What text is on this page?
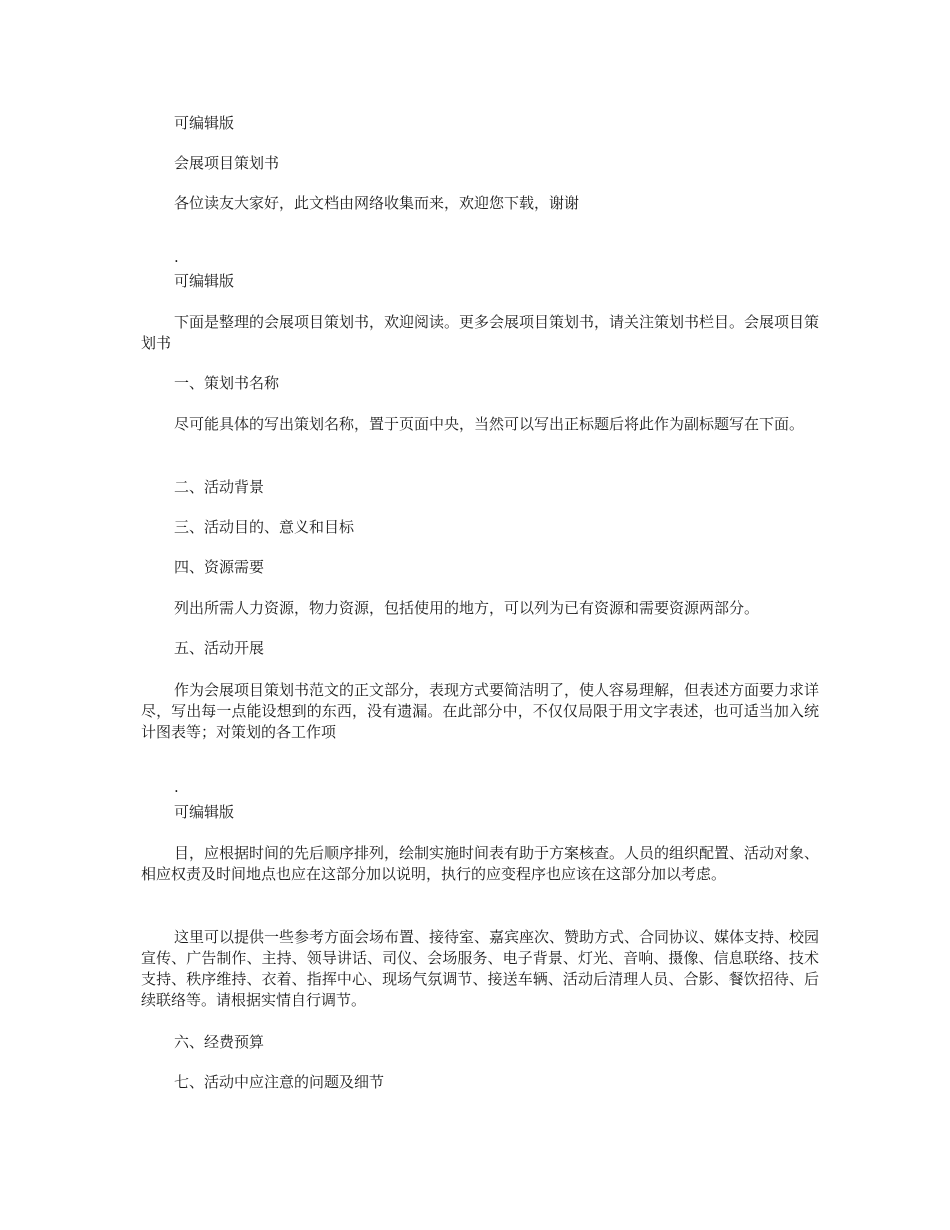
可编辑版

会展项目策划书

各位读友大家好，此文档由网络收集而来，欢迎您下载，谢谢

.

可编辑版

下面是整理的会展项目策划书，欢迎阅读。更多会展项目策划书，请关注策划书栏目。会展项目策划书

一、策划书名称

尽可能具体的写出策划名称，置于页面中央，当然可以写出正标题后将此作为副标题写在下面。

二、活动背景

三、活动目的、意义和目标

四、资源需要

列出所需人力资源，物力资源，包括使用的地方，可以列为已有资源和需要资源两部分。

五、活动开展

作为会展项目策划书范文的正文部分，表现方式要简洁明了，使人容易理解，但表述方面要力求详尽，写出每一点能设想到的东西，没有遗漏。在此部分中，不仅仅局限于用文字表述，也可适当加入统计图表等；对策划的各工作项

.

可编辑版

目，应根据时间的先后顺序排列，绘制实施时间表有助于方案核查。人员的组织配置、活动对象、相应权责及时间地点也应在这部分加以说明，执行的应变程序也应该在这部分加以考虑。

这里可以提供一些参考方面会场布置、接待室、嘉宾座次、赞助方式、合同协议、媒体支持、校园宣传、广告制作、主持、领导讲话、司仪、会场服务、电子背景、灯光、音响、摄像、信息联络、技术支持、秩序维持、衣着、指挥中心、现场气氛调节、接送车辆、活动后清理人员、合影、餐饮招待、后续联络等。请根据实情自行调节。

六、经费预算

七、活动中应注意的问题及细节
